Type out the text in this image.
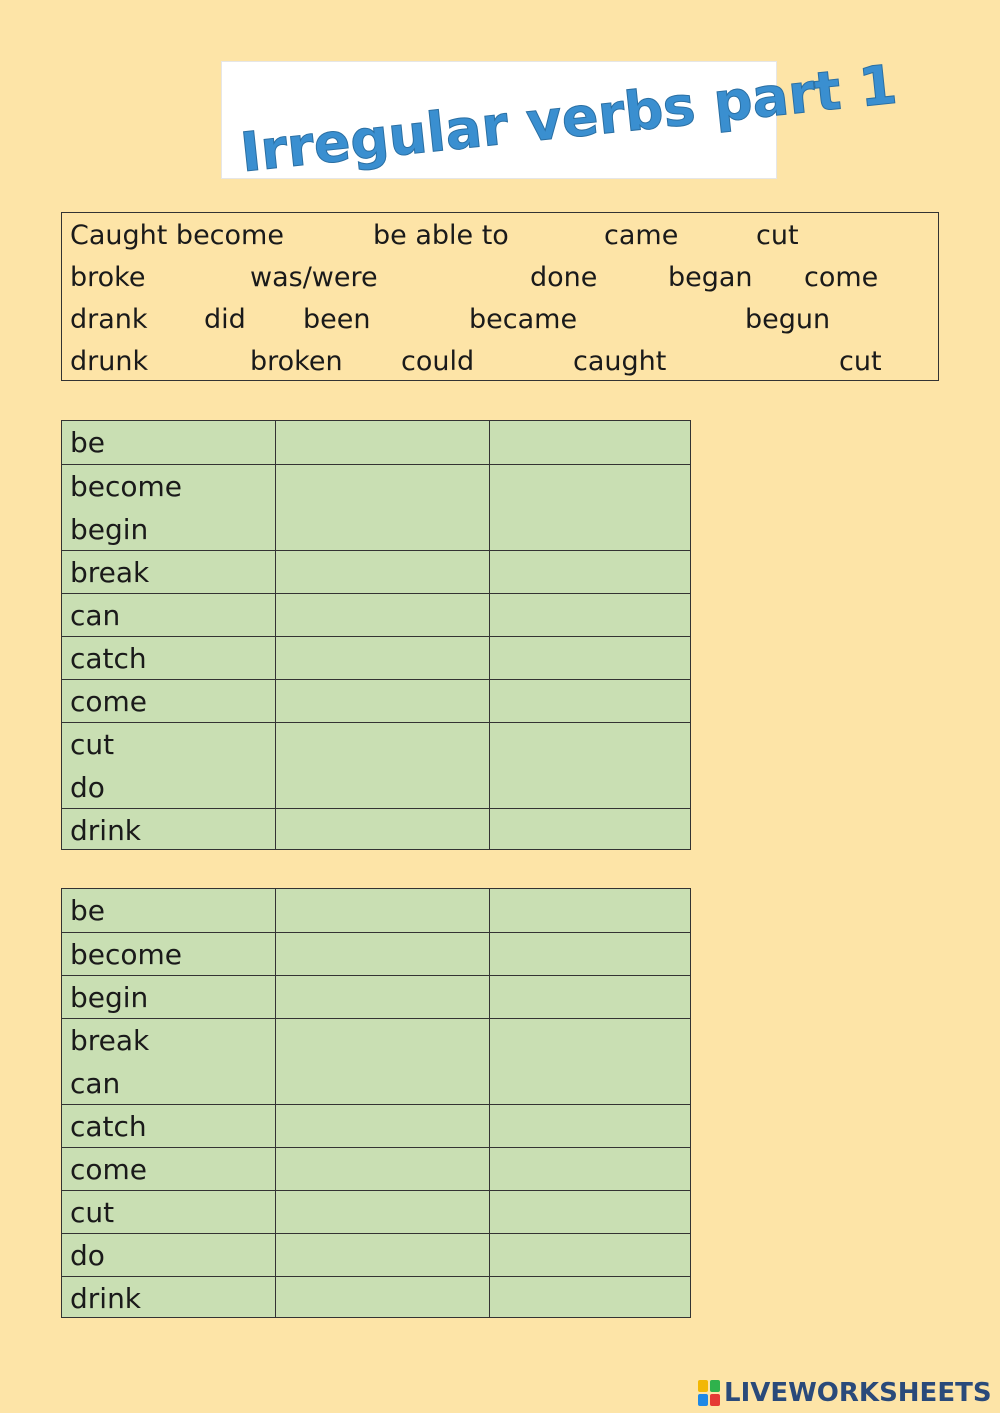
Irregular verbs part 1
Caught become	be able to	came	cut
broke	was/were	done	began come
drank did been	became	begun
drunk	broken could	caught	cut
be
become
begin
break
can
catch
come
cut
do
drink
be
become
begin
break
can
catch
come
cut
do
drink
LIVEWORKSHEETS
